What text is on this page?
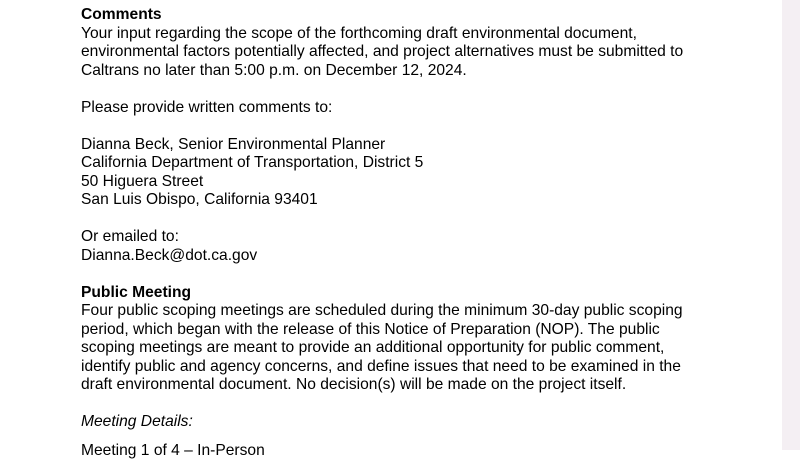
Comments
Your input regarding the scope of the forthcoming draft environmental document,
environmental factors potentially affected, and project alternatives must be submitted to
Caltrans no later than 5:00 p.m. on December 12, 2024.
Please provide written comments to:
Dianna Beck, Senior Environmental Planner
California Department of Transportation, District 5
50 Higuera Street
San Luis Obispo, California 93401
Or emailed to:
Dianna.Beck@dot.ca.gov
Public Meeting
Four public scoping meetings are scheduled during the minimum 30-day public scoping
period, which began with the release of this Notice of Preparation (NOP). The public
scoping meetings are meant to provide an additional opportunity for public comment,
identify public and agency concerns, and define issues that need to be examined in the
draft environmental document. No decision(s) will be made on the project itself.
Meeting Details:
Meeting 1 of 4 – In-Person
